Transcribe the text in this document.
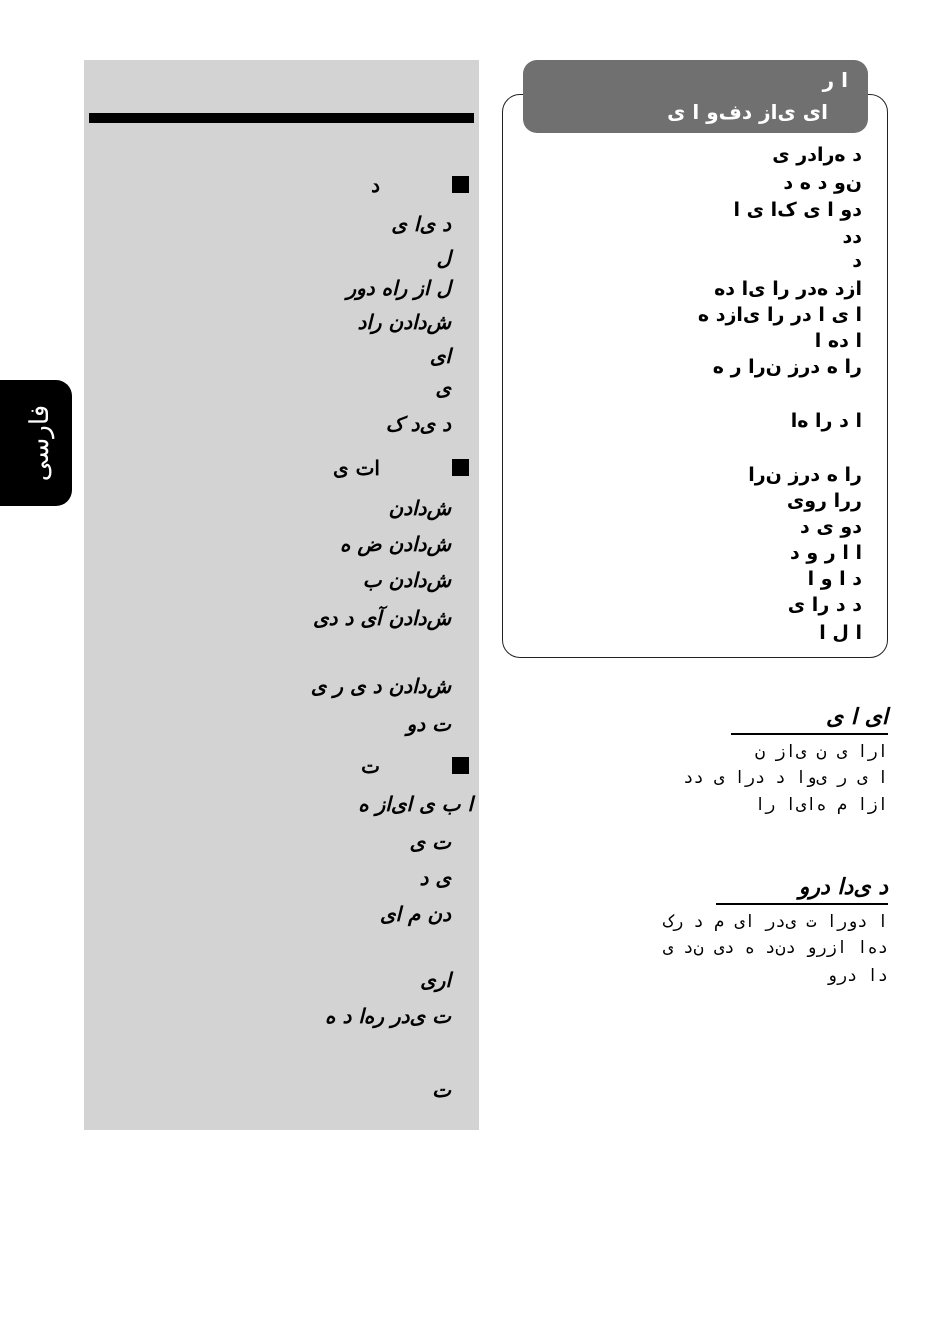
فارسی
د
د ی‌ا ی
ل
ل از راه دور
ش‌دادن راد
ای
ی
د ی‌د ک
ات ی
ش‌دادن
ش‌دادن ض ه
ش‌دادن ب
ش‌دادن آی د دی
ش‌دادن د ی ر ی
ت دو
ت
ا ب ی ای‌از ه
ت ی
ی د
دن م ای
اری
ت ی‌در ره‌ا د ه
ت
ا ر
ای ی‌از دف‌و ا ی
د ه‌رادر ی
ن‌و د ه د
دو ا ی ک‌ا ی ا
دد
د
ازد ه‌در را ی‌ا ده
ا ی ا در را ی‌ازد ه
ا ده ا
را ه درز ن‌را ر ه
ا د را ه‌ا
را ه درز ن‌را
ررا روی
دو ی د
ا ا ر و د
د ا و ا
د د را ی
ا ل ا
ای ا ی
ارا ی ن ی‌از ن
ا ی ر ی‌وا د درا ی دد
ازا م ه‌ای‌ا را
د ی‌دا درو
ا دورا ت ی‌در ای م د ر‌ک
ده‌ا ازرو دن‌د ه دی ن‌د ی
دا درو
